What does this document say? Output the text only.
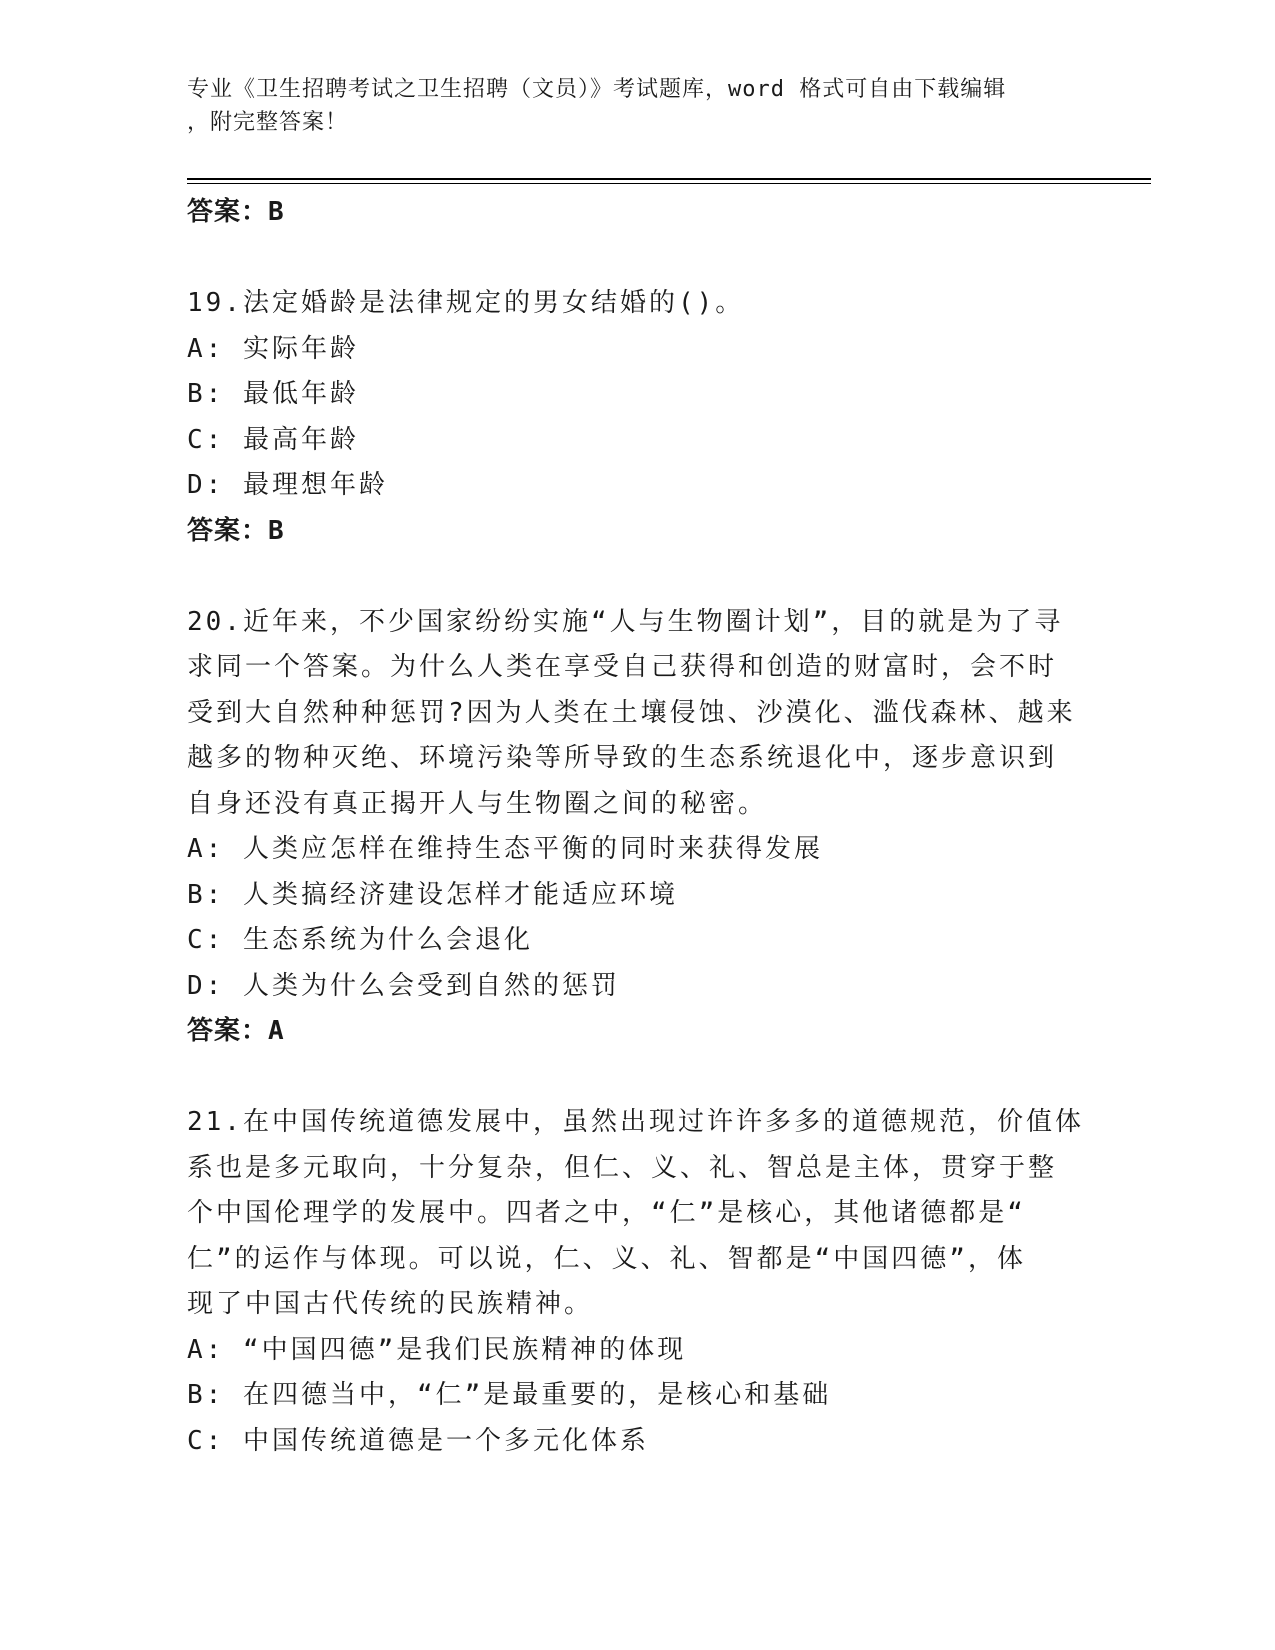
专业《卫生招聘考试之卫生招聘（文员）》考试题库，word 格式可自由下载编辑
，附完整答案！
答案：B
19.法定婚龄是法律规定的男女结婚的()。
A: 实际年龄
B: 最低年龄
C: 最高年龄
D: 最理想年龄
答案：B
20.近年来，不少国家纷纷实施“人与生物圈计划”，目的就是为了寻
求同一个答案。为什么人类在享受自己获得和创造的财富时，会不时
受到大自然种种惩罚?因为人类在土壤侵蚀、沙漠化、滥伐森林、越来
越多的物种灭绝、环境污染等所导致的生态系统退化中，逐步意识到
自身还没有真正揭开人与生物圈之间的秘密。
A: 人类应怎样在维持生态平衡的同时来获得发展
B: 人类搞经济建设怎样才能适应环境
C: 生态系统为什么会退化
D: 人类为什么会受到自然的惩罚
答案：A
21.在中国传统道德发展中，虽然出现过许许多多的道德规范，价值体
系也是多元取向，十分复杂，但仁、义、礼、智总是主体，贯穿于整
个中国伦理学的发展中。四者之中，“仁”是核心，其他诸德都是“
仁”的运作与体现。可以说，仁、义、礼、智都是“中国四德”，体
现了中国古代传统的民族精神。
A: “中国四德”是我们民族精神的体现
B: 在四德当中，“仁”是最重要的，是核心和基础
C: 中国传统道德是一个多元化体系
